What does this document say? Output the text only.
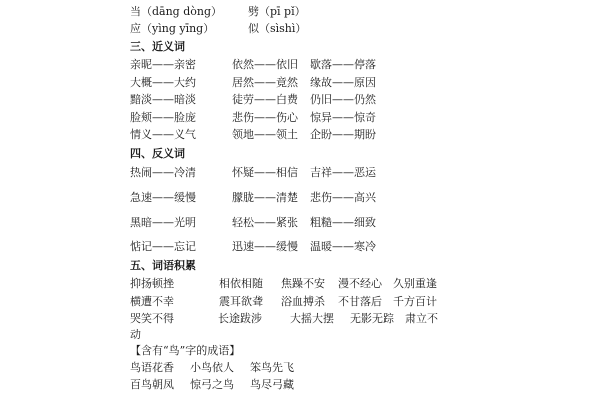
当（dāng dòng） 劈（pī pǐ）
应（yìng yīng）	似（sìshì）
三、近义词
亲昵——亲密	依然——依旧 歇落——停落
大概——大约	居然——竟然 缘故——原因
黯淡——暗淡	徒劳——白费 仍旧——仍然
脸颊——脸庞	悲伤——伤心 惊异——惊奇
情义——义气	领地——领土 企盼——期盼
四、反义词
热闹——冷清	怀疑——相信 吉祥——恶运
急速——缓慢	朦胧——清楚 悲伤——高兴
黑暗——光明	轻松——紧张 粗糙——细致
惦记——忘记	迅速——缓慢 温暖——寒冷
五、词语积累
抑扬顿挫	相依相随 焦躁不安 漫不经心 久别重逢
横遭不幸	震耳欲聋 浴血搏杀 不甘落后 千方百计
哭笑不得	长途跋涉	大摇大摆 无影无踪 肃立不
动
【含有“鸟”字的成语】
鸟语花香 小鸟依人 笨鸟先飞
百鸟朝凤 惊弓之鸟 鸟尽弓藏
